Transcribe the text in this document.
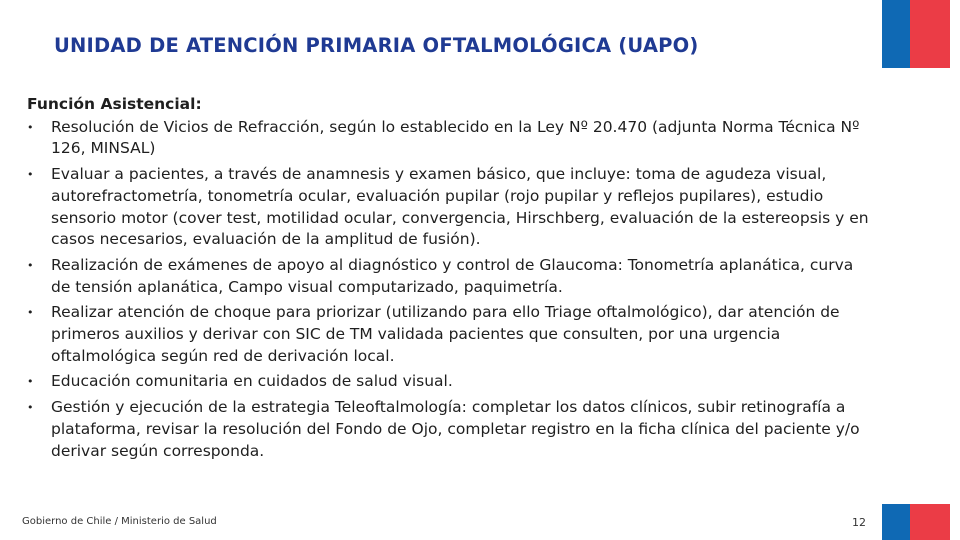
UNIDAD DE ATENCIÓN PRIMARIA OFTALMOLÓGICA (UAPO)
Función Asistencial:
• Resolución de Vicios de Refracción, según lo establecido en la Ley Nº 20.470 (adjunta Norma Técnica Nº 126, MINSAL)
• Evaluar a pacientes, a través de anamnesis y examen básico, que incluye: toma de agudeza visual, autorefractometría, tonometría ocular, evaluación pupilar (rojo pupilar y reflejos pupilares), estudio sensorio motor (cover test, motilidad ocular, convergencia, Hirschberg, evaluación de la estereopsis y en casos necesarios, evaluación de la amplitud de fusión).
• Realización de exámenes de apoyo al diagnóstico y control de Glaucoma: Tonometría aplanática, curva de tensión aplanática, Campo visual computarizado, paquimetría.
• Realizar atención de choque para priorizar (utilizando para ello Triage oftalmológico), dar atención de primeros auxilios y derivar con SIC de TM validada pacientes que consulten, por una urgencia oftalmológica según red de derivación local.
• Educación comunitaria en cuidados de salud visual.
• Gestión y ejecución de la estrategia Teleoftalmología: completar los datos clínicos, subir retinografía a plataforma, revisar la resolución del Fondo de Ojo, completar registro en la ficha clínica del paciente y/o derivar según corresponda.
Gobierno de Chile / Ministerio de Salud	12
